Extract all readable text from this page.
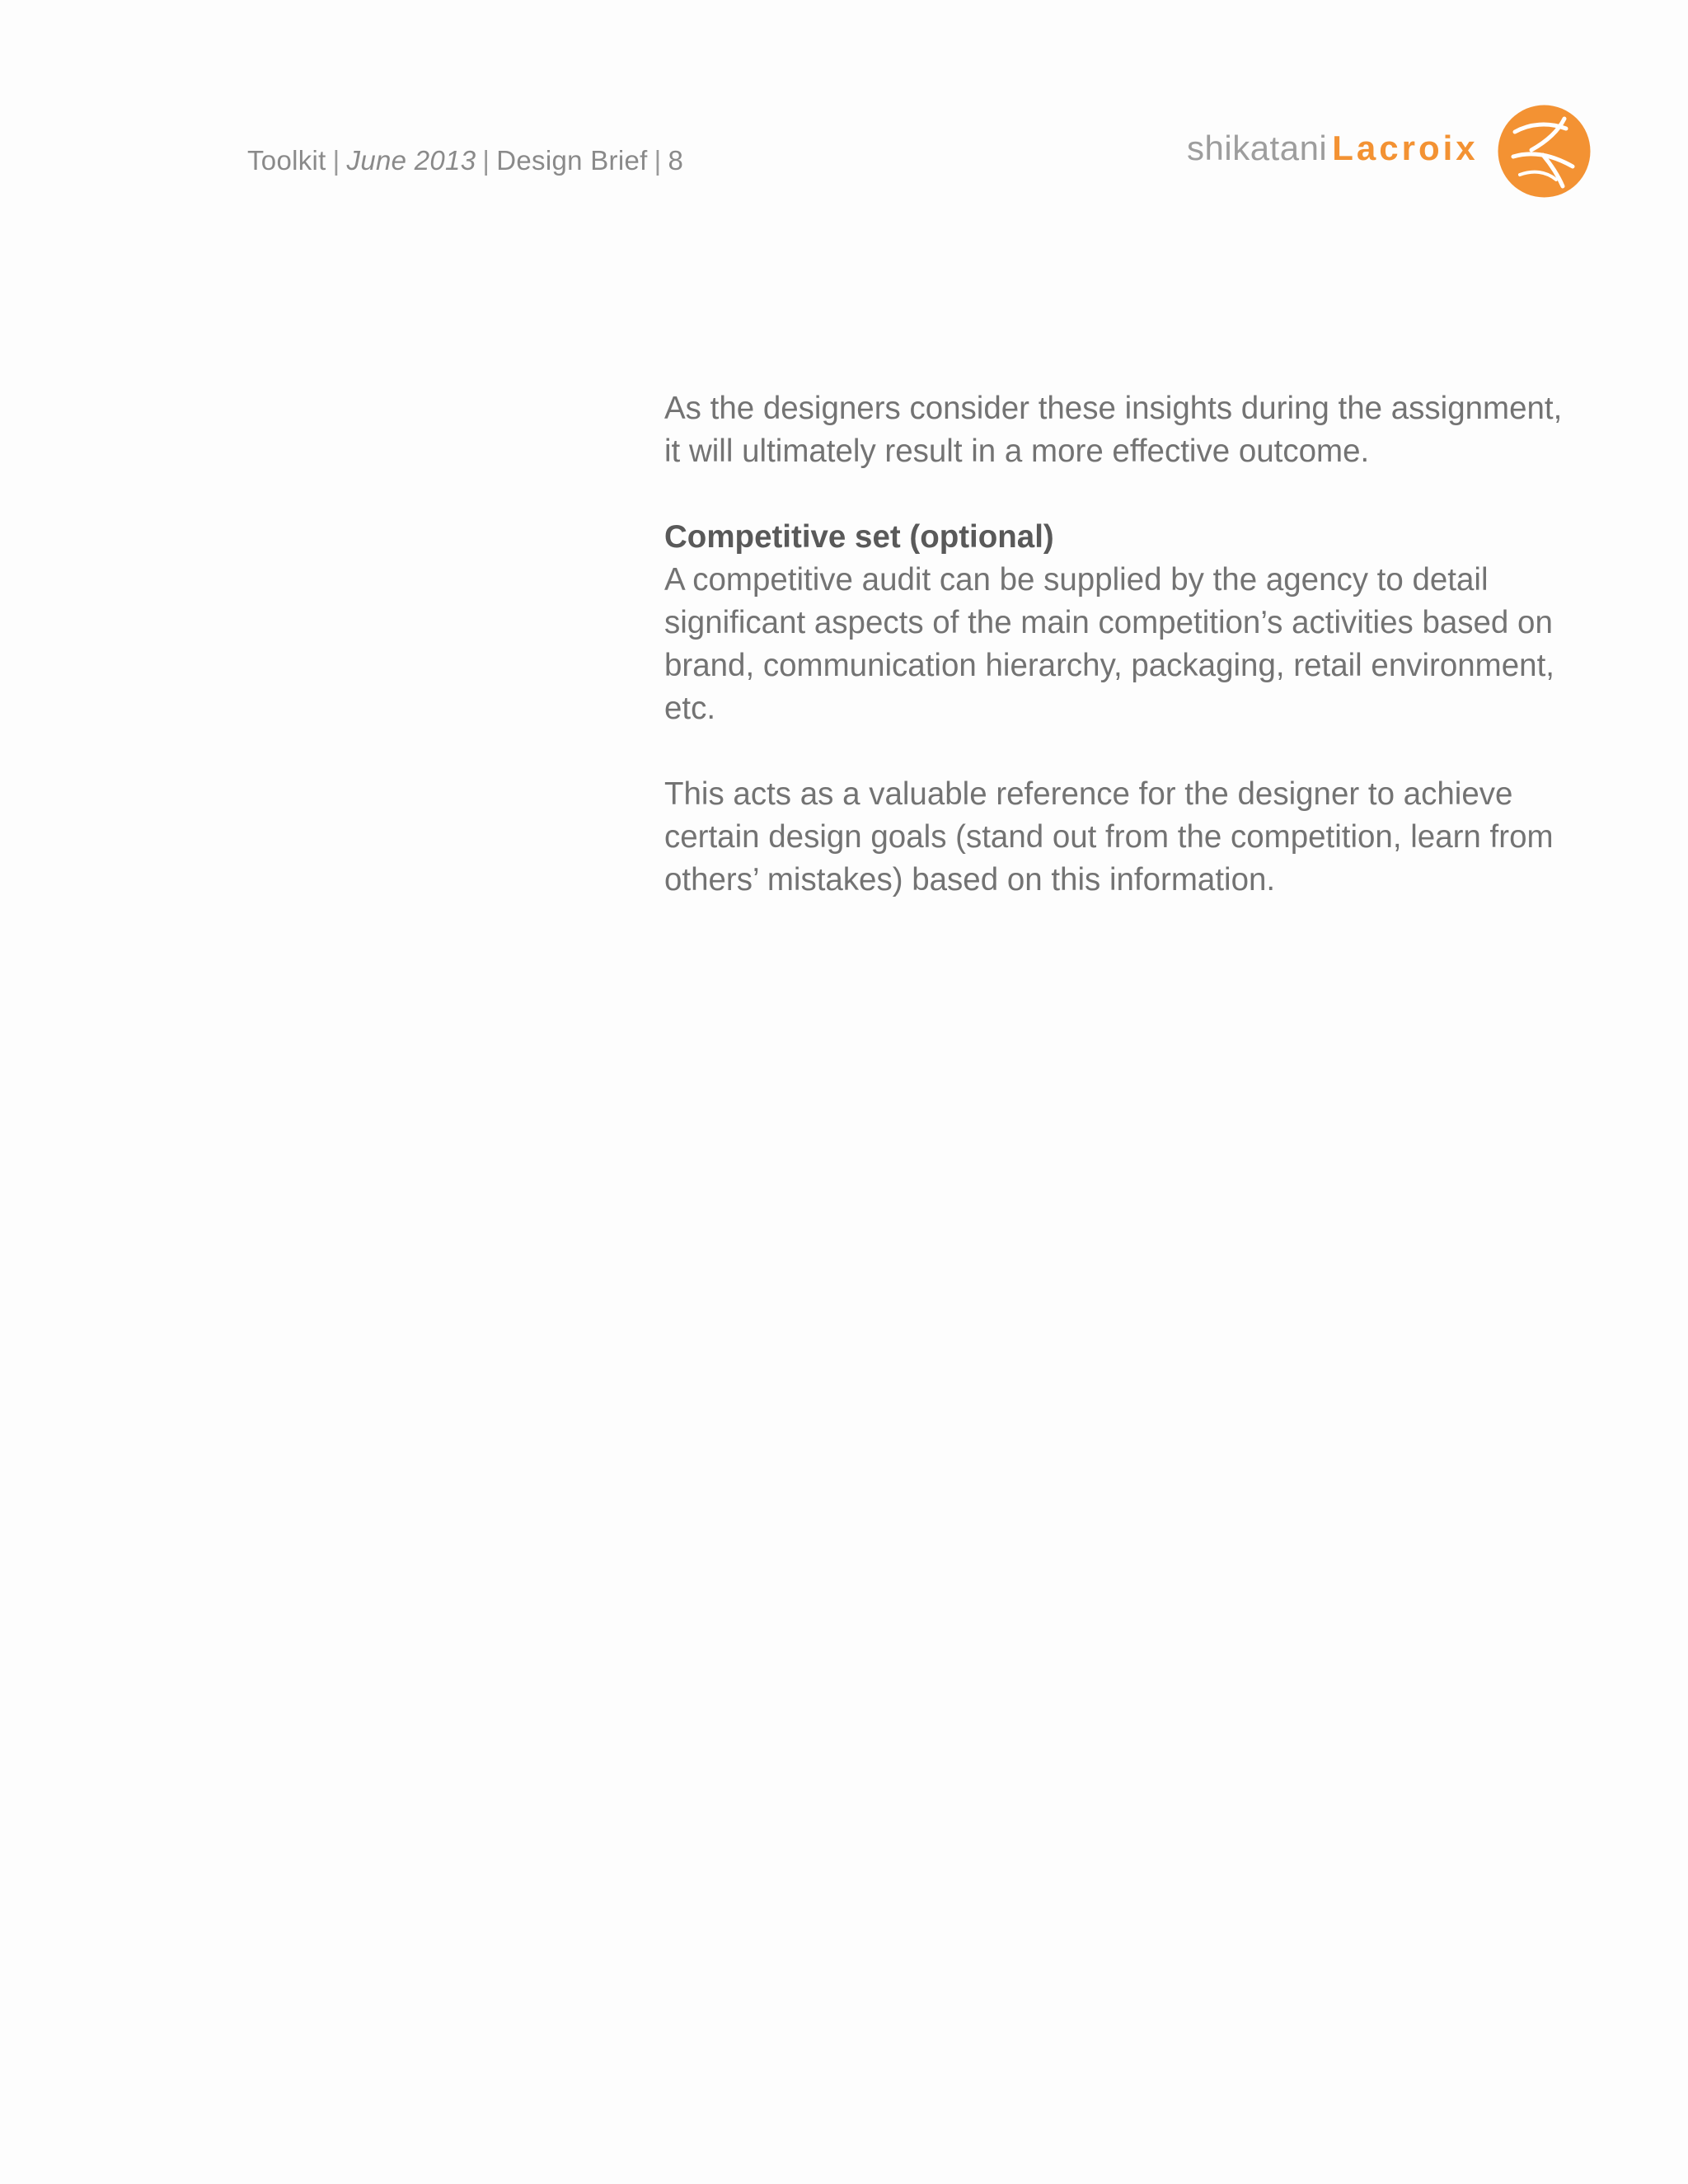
Toolkit | June 2013 | Design Brief | 8	shikatani Lacroix

As the designers consider these insights during the assignment, it will ultimately result in a more effective outcome.

Competitive set (optional)

A competitive audit can be supplied by the agency to detail significant aspects of the main competition’s activities based on brand, communication hierarchy, packaging, retail environment, etc.

This acts as a valuable reference for the designer to achieve certain design goals (stand out from the competition, learn from others’ mistakes) based on this information.
